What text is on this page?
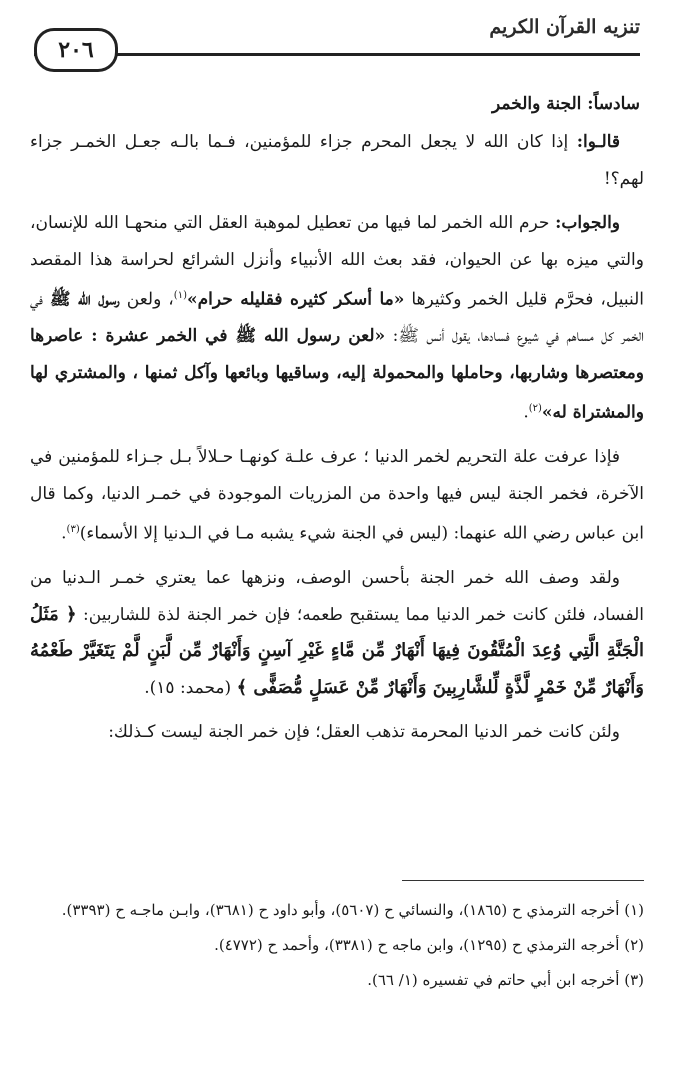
تنزيه القرآن الكريم
٢٠٦
سادساً: الجنة والخمر

قالـوا: إذا كان الله لا يجعل المحرم جزاء للمؤمنين، فـما بالـه جعـل الخمـر جزاء لهم؟!

والجواب: حرم الله الخمر لما فيها من تعطيل لموهبة العقل التي منحهـا الله للإنسان، والتي ميزه بها عن الحيوان، فقد بعث الله الأنبياء وأنزل الشرائع لحراسة هذا المقصد النبيل، فحرَّم قليل الخمر وكثيرها «ما أسكر كثيره فقليله حرام»$^{(١)}$، ولعن رسول الله ﷺ في الخمر كل مساهم في شيوع فسادها، يقول أنس ﷺ: «لعن رسول الله ﷺ في الخمر عشرة : عاصرها ومعتصرها وشاربها، وحاملها والمحمولة إليه، وساقيها وبائعها وآكل ثمنها ، والمشتري لها والمشتراة له»$^{(٢)}$.

فإذا عرفت علة التحريم لخمر الدنيا ؛ عرف علـة كونهـا حـلالاً بـل جـزاء للمؤمنين في الآخرة، فخمر الجنة ليس فيها واحدة من المزريات الموجودة في خمـر الدنيا، وكما قال ابن عباس رضي الله عنهما: (ليس في الجنة شيء يشبه مـا في الـدنيا إلا الأسماء)$^{(٣)}$.

ولقد وصف الله خمر الجنة بأحسن الوصف، ونزهها عما يعتري خمـر الـدنيا من الفساد، فلئن كانت خمر الدنيا مما يستقبح طعمه؛ فإن خمر الجنة لذة للشاربين: ﴿ مَثَلُ الْجَنَّةِ الَّتِي وُعِدَ الْمُتَّقُونَ فِيهَا أَنْهَارٌ مِّن مَّاءٍ غَيْرِ آسِنٍ وَأَنْهَارٌ مِّن لَّبَنٍ لَّمْ يَتَغَيَّرْ طَعْمُهُ وَأَنْهَارٌ مِّنْ خَمْرٍ لَّذَّةٍ لِّلشَّارِبِينَ وَأَنْهَارٌ مِّنْ عَسَلٍ مُّصَفًّى ﴾ (محمد: ١٥).

ولئن كانت خمر الدنيا المحرمة تذهب العقل؛ فإن خمر الجنة ليست كـذلك:

(١) أخرجه الترمذي ح (١٨٦٥)، والنسائي ح (٥٦٠٧)، وأبو داود ح (٣٦٨١)، وابـن ماجـه ح (٣٣٩٣).

(٢) أخرجه الترمذي ح (١٢٩٥)، وابن ماجه ح (٣٣٨١)، وأحمد ح (٤٧٧٢).

(٣) أخرجه ابن أبي حاتم في تفسيره (١/ ٦٦).
